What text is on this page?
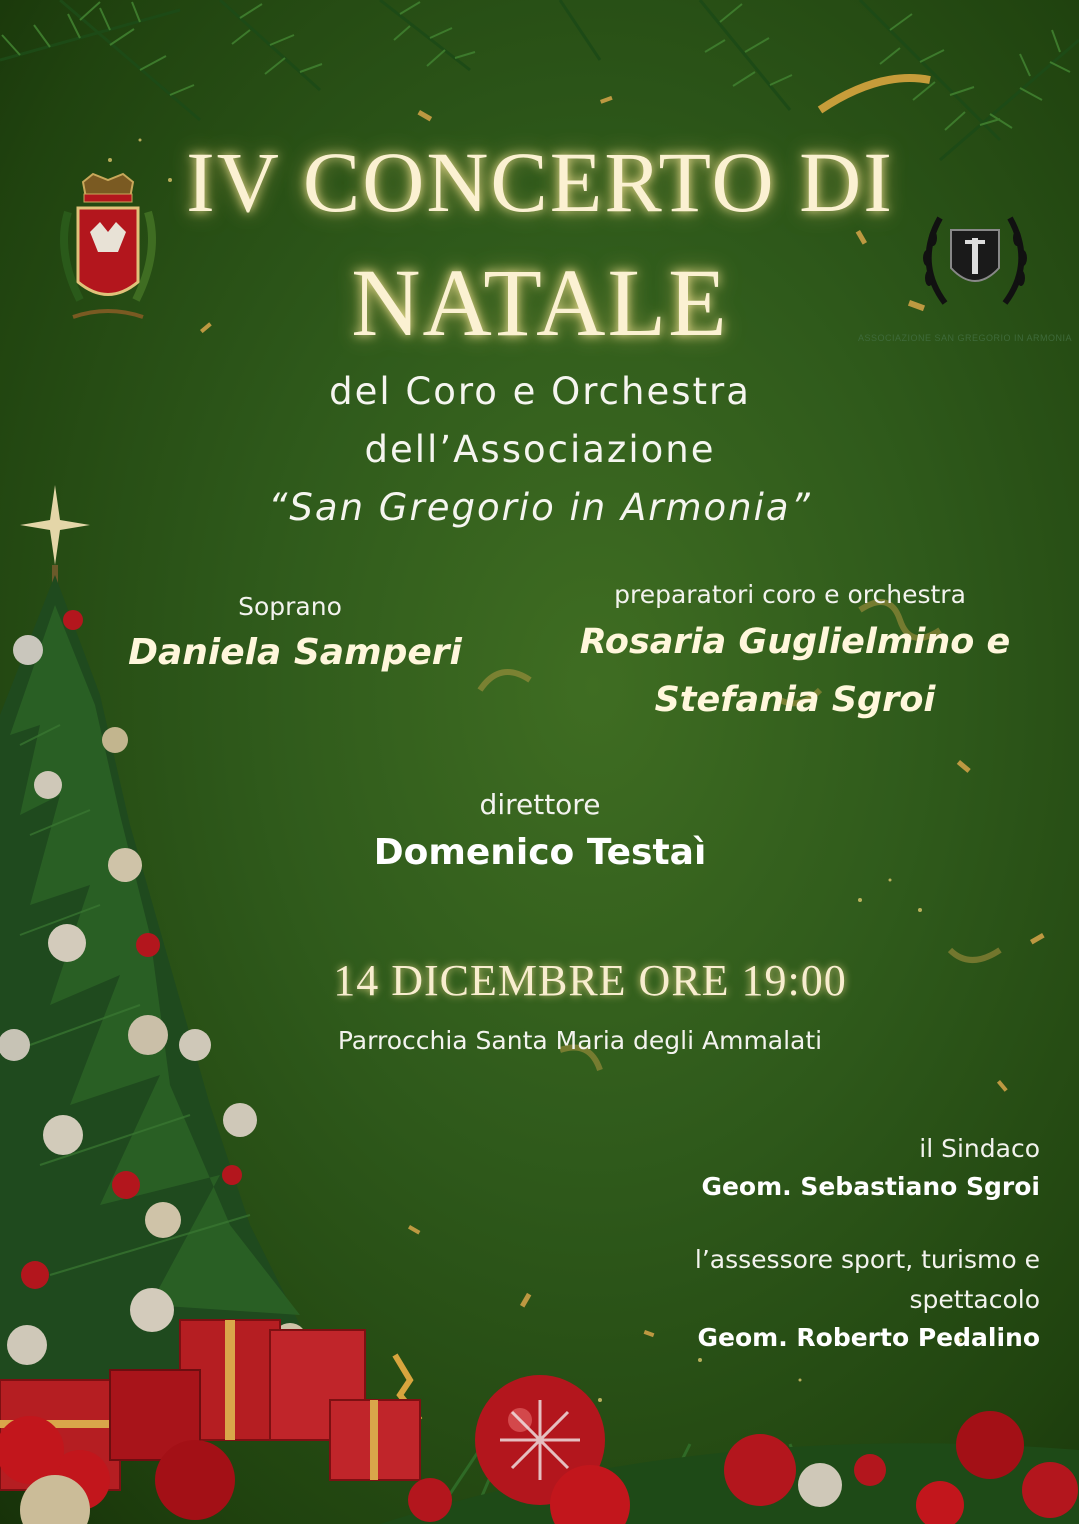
ASSOCIAZIONE SAN GREGORIO IN ARMONIA
IV CONCERTO DI
NATALE
del Coro e Orchestra
dell’Associazione
“San Gregorio in Armonia”
Soprano
Daniela Samperi
preparatori coro e orchestra
Rosaria Guglielmino e
Stefania Sgroi
direttore
Domenico Testaì
14 DICEMBRE ORE 19:00
Parrocchia Santa Maria degli Ammalati
il Sindaco
Geom. Sebastiano Sgroi
l’assessore sport, turismo e
spettacolo
Geom. Roberto Pedalino
